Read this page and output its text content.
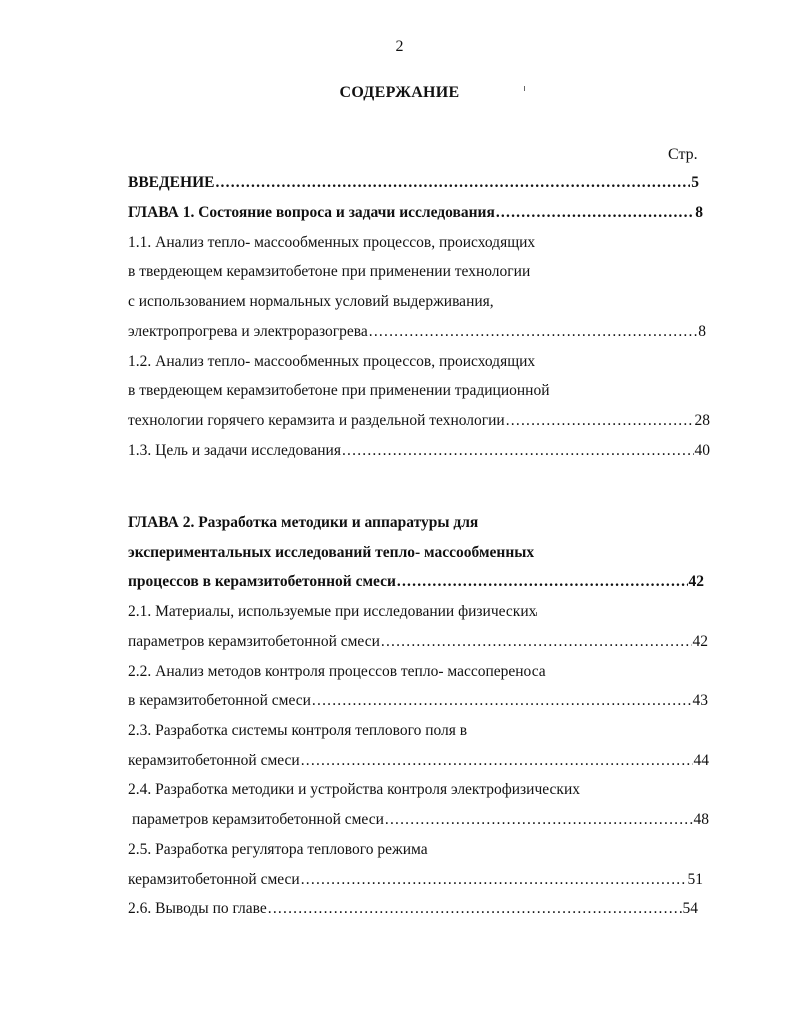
2
СОДЕРЖАНИЕ
Стр.
ВВЕДЕНИЕ .....	5
ГЛАВА 1. Состояние вопроса и задачи исследования .....	8
1.1. Анализ тепло- массообменных процессов, происходящих
в твердеющем керамзитобетоне при применении технологии
с использованием нормальных условий выдерживания,
электропрогрева и электроразогрева .....	8
1.2. Анализ тепло- массообменных процессов, происходящих
в твердеющем керамзитобетоне при применении традиционной
технологии горячего керамзита и раздельной технологии .....	28
1.3. Цель и задачи исследования .....	40
ГЛАВА 2. Разработка методики и аппаратуры для
экспериментальных исследований тепло- массообменных
процессов в керамзитобетонной смеси .....	42
2.1. Материалы, используемые при исследовании физических
параметров керамзитобетонной смеси .....	42
2.2. Анализ методов контроля процессов тепло- массопереноса
в керамзитобетонной смеси .....	43
2.3. Разработка системы контроля теплового поля в
керамзитобетонной смеси .....	44
2.4. Разработка методики и устройства контроля электрофизических
параметров керамзитобетонной смеси .....	48
2.5. Разработка регулятора теплового режима
керамзитобетонной смеси .....	51
2.6. Выводы по главе .....	54
